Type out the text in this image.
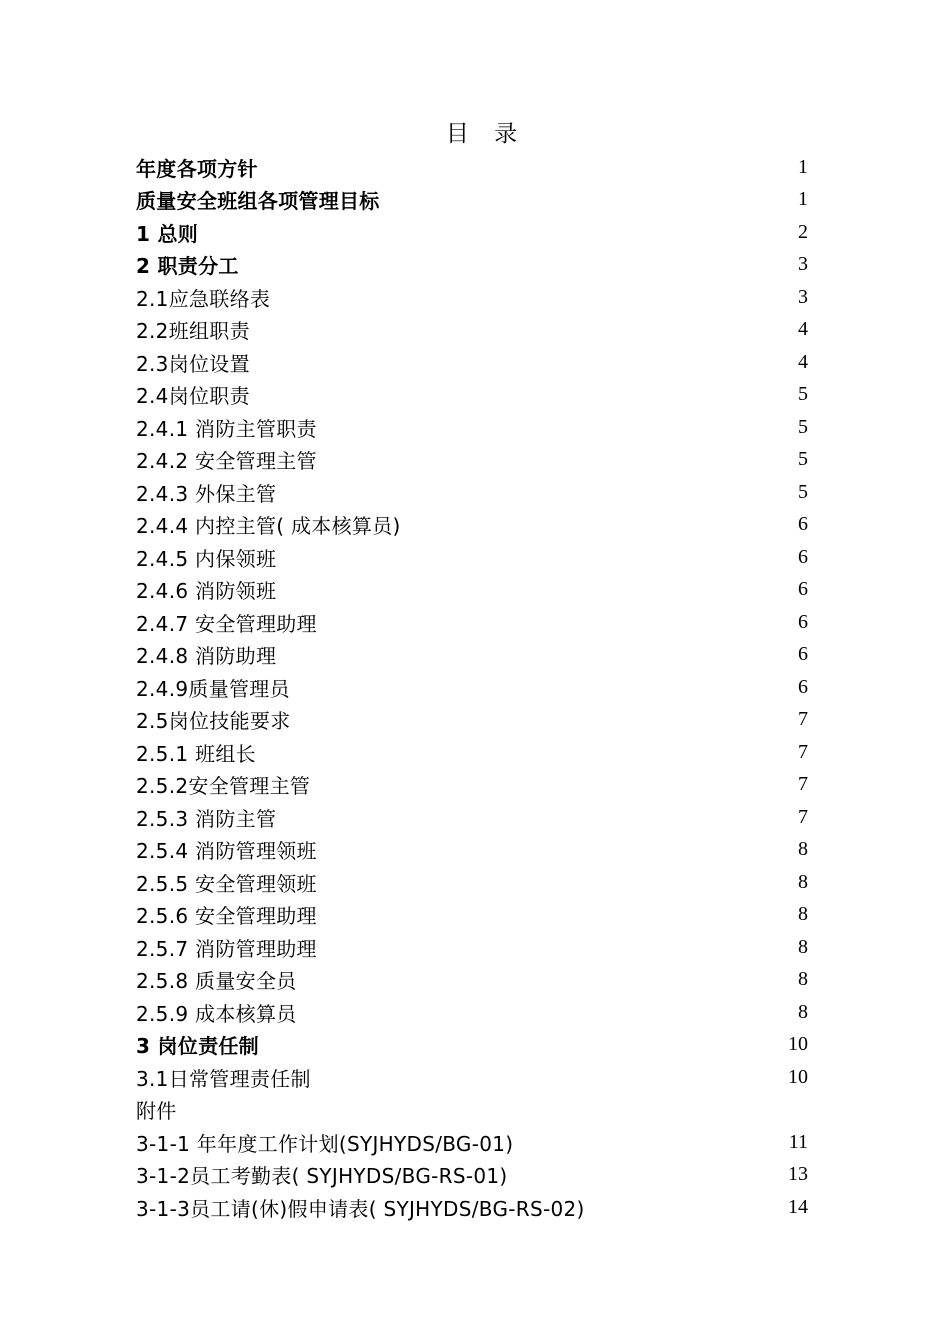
目 录
年度各项方针	1
质量安全班组各项管理目标	1
1 总则	2
2 职责分工	3
2.1应急联络表	3
2.2班组职责	4
2.3岗位设置	4
2.4岗位职责	5
2.4.1 消防主管职责	5
2.4.2 安全管理主管	5
2.4.3 外保主管	5
2.4.4 内控主管( 成本核算员)	6
2.4.5 内保领班	6
2.4.6 消防领班	6
2.4.7 安全管理助理	6
2.4.8 消防助理	6
2.4.9质量管理员	6
2.5岗位技能要求	7
2.5.1 班组长	7
2.5.2安全管理主管	7
2.5.3 消防主管	7
2.5.4 消防管理领班	8
2.5.5 安全管理领班	8
2.5.6 安全管理助理	8
2.5.7 消防管理助理	8
2.5.8 质量安全员	8
2.5.9 成本核算员	8
3 岗位责任制	10
3.1日常管理责任制	10
附件
3-1-1 年年度工作计划(SYJHYDS/BG-01)	11
3-1-2员工考勤表( SYJHYDS/BG-RS-01)	13
3-1-3员工请(休)假申请表( SYJHYDS/BG-RS-02)	14
